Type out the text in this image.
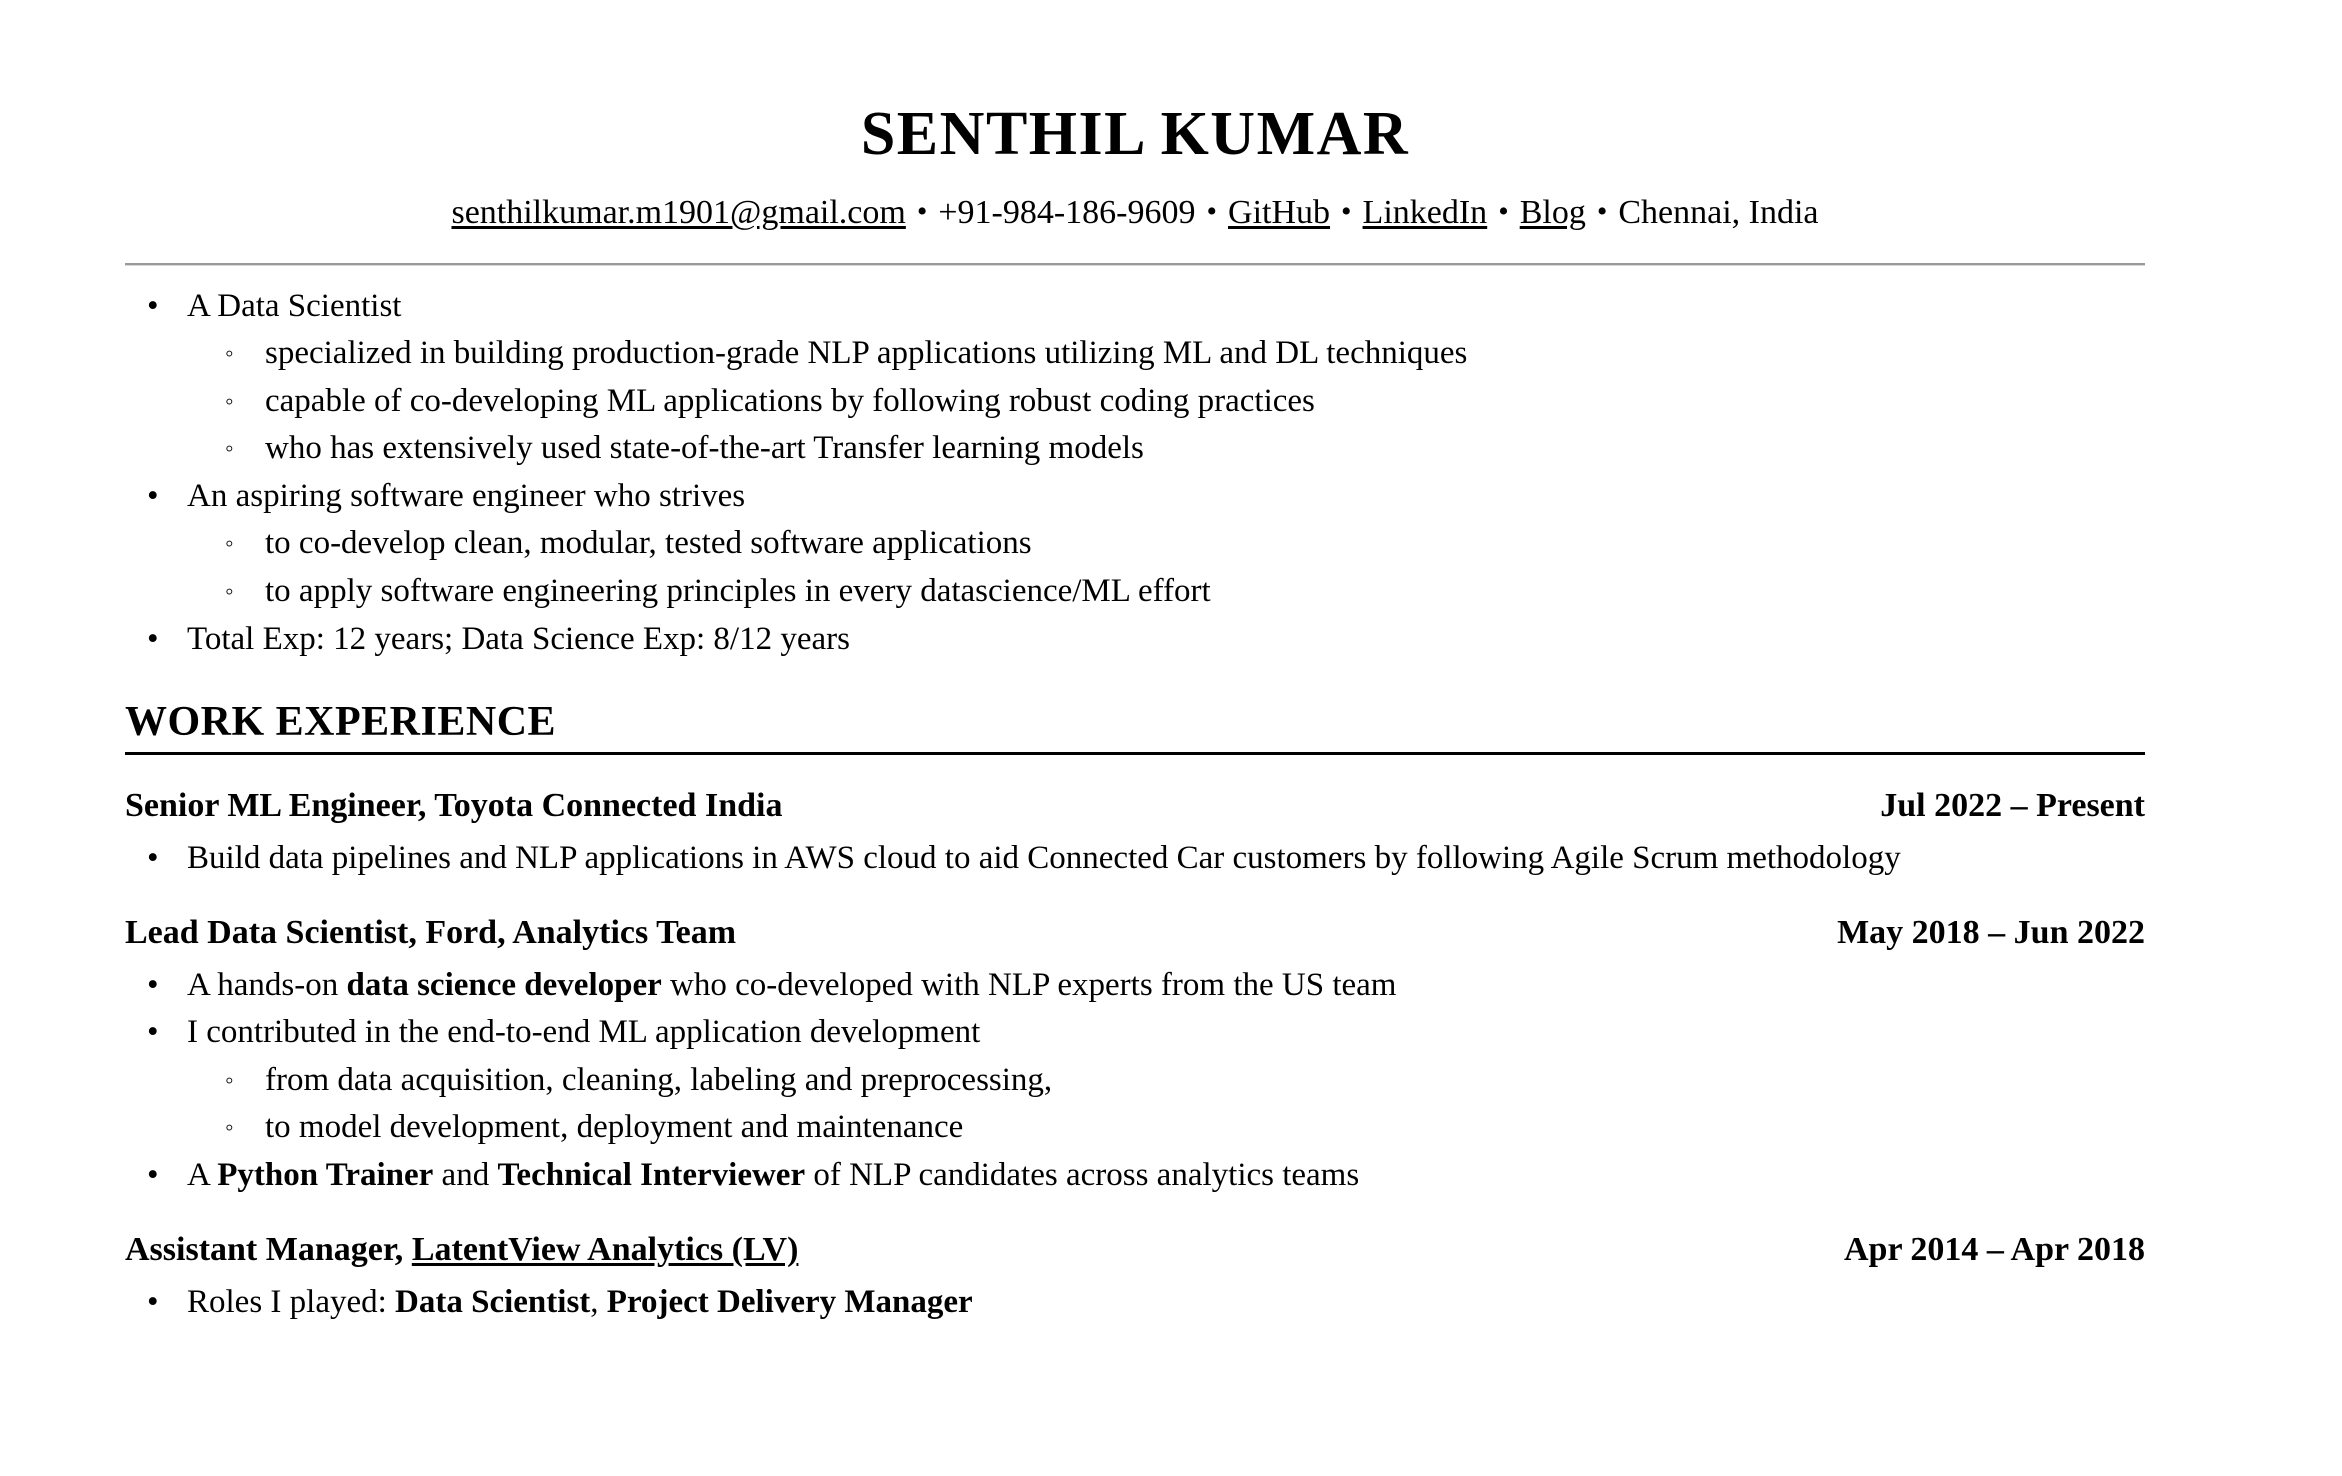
SENTHIL KUMAR
senthilkumar.m1901@gmail.com • +91-984-186-9609 • GitHub • LinkedIn • Blog • Chennai, India
• A Data Scientist
◦ specialized in building production-grade NLP applications utilizing ML and DL techniques
◦ capable of co-developing ML applications by following robust coding practices
◦ who has extensively used state-of-the-art Transfer learning models
• An aspiring software engineer who strives
◦ to co-develop clean, modular, tested software applications
◦ to apply software engineering principles in every datascience/ML effort
• Total Exp: 12 years; Data Science Exp: 8/12 years
WORK EXPERIENCE
Senior ML Engineer, Toyota Connected India	Jul 2022 – Present
• Build data pipelines and NLP applications in AWS cloud to aid Connected Car customers by following Agile Scrum methodology
Lead Data Scientist, Ford, Analytics Team	May 2018 – Jun 2022
• A hands-on data science developer who co-developed with NLP experts from the US team
• I contributed in the end-to-end ML application development
◦ from data acquisition, cleaning, labeling and preprocessing,
◦ to model development, deployment and maintenance
• A Python Trainer and Technical Interviewer of NLP candidates across analytics teams
Assistant Manager, LatentView Analytics (LV)	Apr 2014 – Apr 2018
• Roles I played: Data Scientist, Project Delivery Manager
